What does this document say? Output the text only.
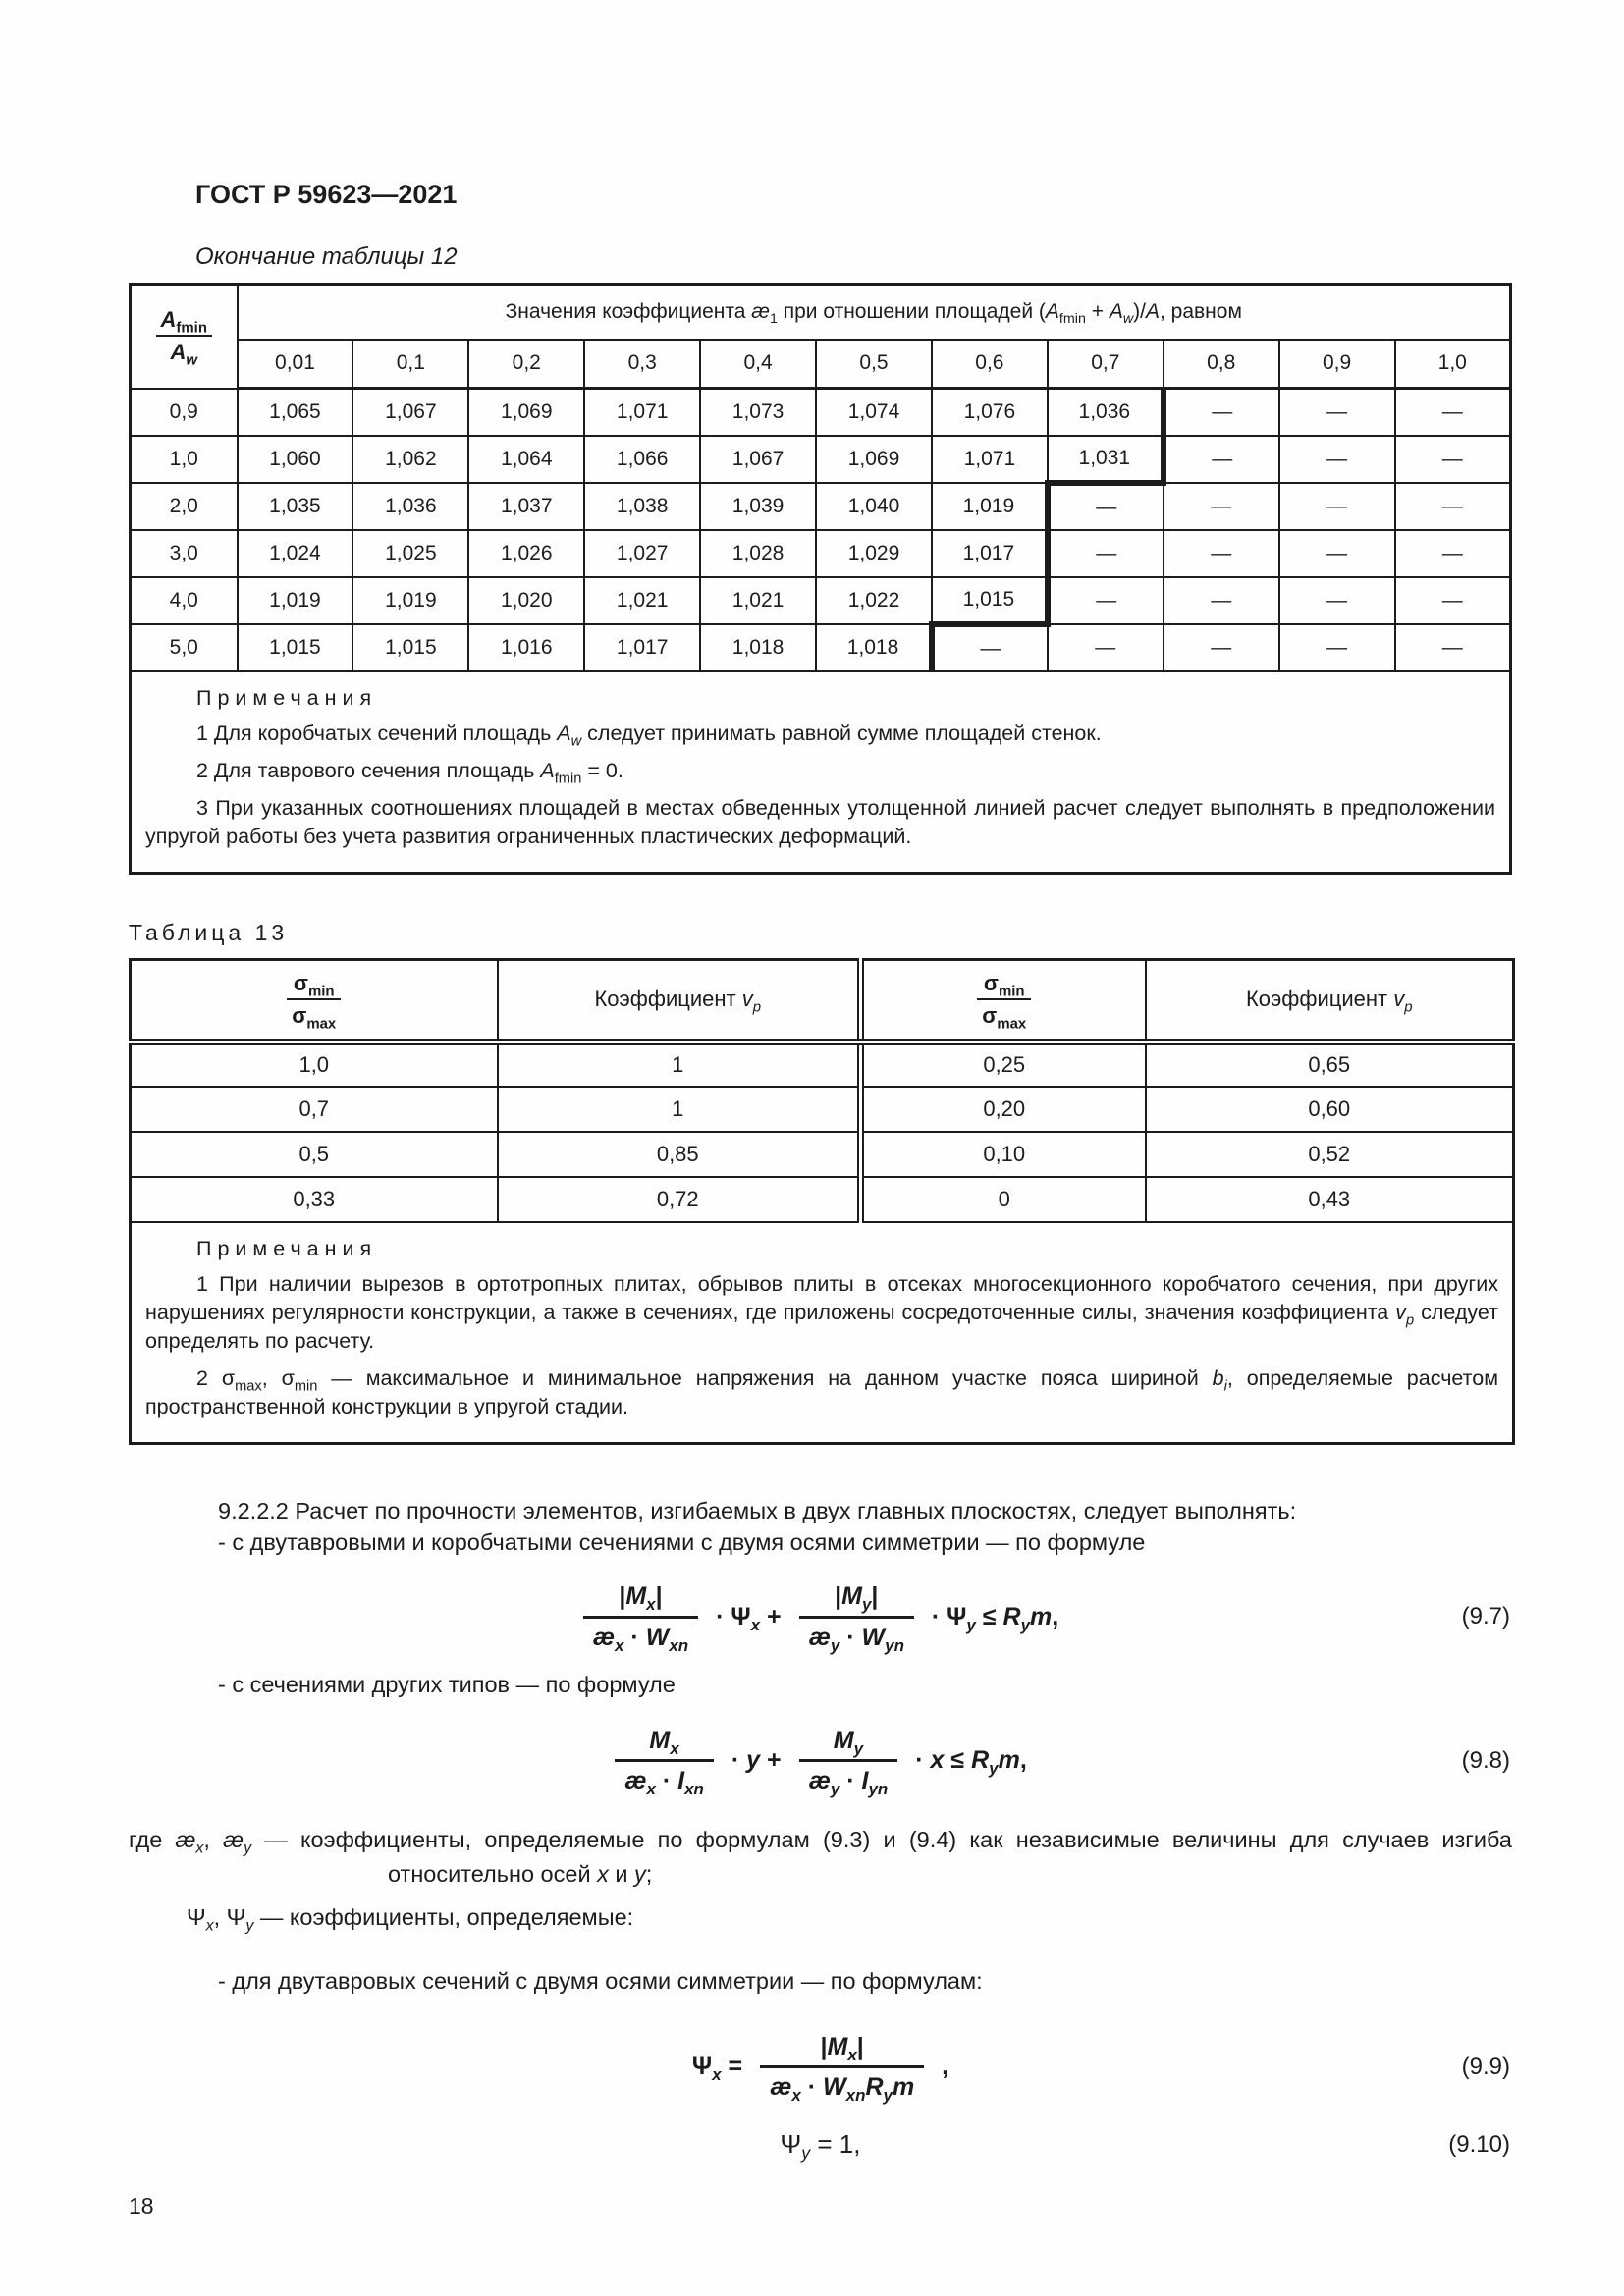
ГОСТ Р 59623—2021
Окончание таблицы 12
$\frac{A_{fmin}}{A_w}$	Значения коэффициента $æ_1$ при отношении площадей $(A_{fmin} + A_w)/A$, равном										
	0,01	0,1	0,2	0,3	0,4	0,5	0,6	0,7	0,8	0,9	1,0
0,9	1,065	1,067	1,069	1,071	1,073	1,074	1,076	1,036	—	—	—
1,0	1,060	1,062	1,064	1,066	1,067	1,069	1,071	1,031	—	—	—
2,0	1,035	1,036	1,037	1,038	1,039	1,040	1,019	—	—	—	—
3,0	1,024	1,025	1,026	1,027	1,028	1,029	1,017	—	—	—	—
4,0	1,019	1,019	1,020	1,021	1,021	1,022	1,015	—	—	—	—
5,0	1,015	1,015	1,016	1,017	1,018	1,018	—	—	—	—	—

Примечания

1 Для коробчатых сечений площадь $A_w$ следует принимать равной сумме площадей стенок.

2 Для таврового сечения площадь $A_{fmin} = 0$.

3 При указанных соотношениях площадей в местах обведенных утолщенной линией расчет следует выполнять в предположении упругой работы без учета развития ограниченных пластических деформаций.											

Таблица 13
$\frac{\sigma_{min}}{\sigma_{max}}$	Коэффициент $v_p$	$\frac{\sigma_{min}}{\sigma_{max}}$	Коэффициент $v_p$
1,0	1	0,25	0,65
0,7	1	0,20	0,60
0,5	0,85	0,10	0,52
0,33	0,72	0	0,43

Примечания

1 При наличии вырезов в ортотропных плитах, обрывов плиты в отсеках многосекционного коробчатого сечения, при других нарушениях регулярности конструкции, а также в сечениях, где приложены сосредоточенные силы, значения коэффициента $v_p$ следует определять по расчету.

2 $\sigma_{max}$, $\sigma_{min}$ — максимальное и минимальное напряжения на данном участке пояса шириной $b_i$, определяемые расчетом пространственной конструкции в упругой стадии.			

9.2.2.2 Расчет по прочности элементов, изгибаемых в двух главных плоскостях, следует выполнять:

- с двутавровыми и коробчатыми сечениями с двумя осями симметрии — по формуле

$\frac{|M_x|}{æ_x \cdot W_{xn}} \cdot \Psi_x + \frac{|M_y|}{æ_y \cdot W_{yn}} \cdot \Psi_y \le R_ym$,	(9.7)

- с сечениями других типов — по формуле

$\frac{M_x}{æ_x \cdot I_{xn}} \cdot y + \frac{M_y}{æ_y \cdot I_{yn}} \cdot x \le R_ym$,	(9.8)

где $æ_x$, $æ_y$ — коэффициенты, определяемые по формулам (9.3) и (9.4) как независимые величины для случаев изгиба относительно осей x и y;

$\Psi_x$, $\Psi_y$ — коэффициенты, определяемые:

- для двутавровых сечений с двумя осями симметрии — по формулам:

$\Psi_x = \frac{|M_x|}{æ_x \cdot W_{xn}R_ym}$ ,	(9.9)
$\Psi_y = 1$,	(9.10)
18
